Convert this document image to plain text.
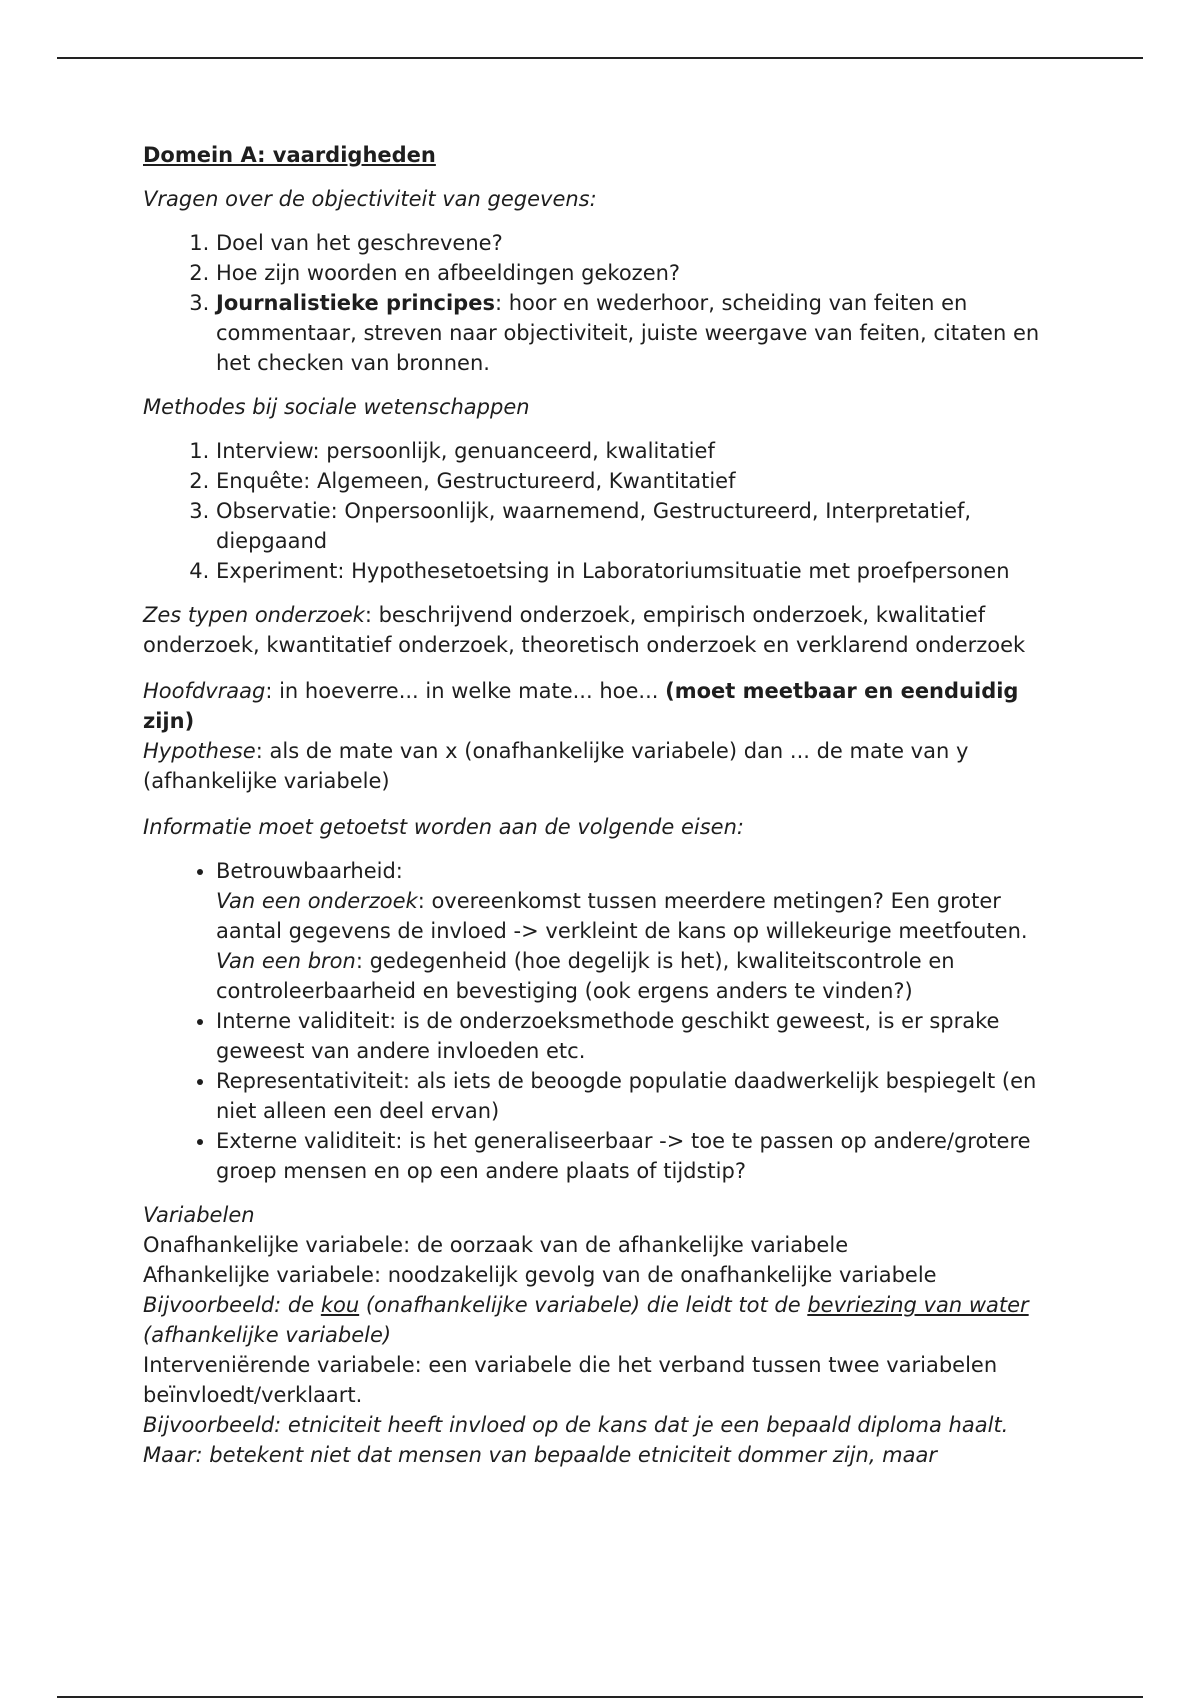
Domein A: vaardigheden

Vragen over de objectiviteit van gegevens:

1. Doel van het geschrevene?
2. Hoe zijn woorden en afbeeldingen gekozen?
3. Journalistieke principes: hoor en wederhoor, scheiding van feiten en commentaar, streven naar objectiviteit, juiste weergave van feiten, citaten en het checken van bronnen.

Methodes bij sociale wetenschappen

1. Interview: persoonlijk, genuanceerd, kwalitatief
2. Enquête: Algemeen, Gestructureerd, Kwantitatief
3. Observatie: Onpersoonlijk, waarnemend, Gestructureerd, Interpretatief, diepgaand
4. Experiment: Hypothesetoetsing in Laboratoriumsituatie met proefpersonen

Zes typen onderzoek: beschrijvend onderzoek, empirisch onderzoek, kwalitatief onderzoek, kwantitatief onderzoek, theoretisch onderzoek en verklarend onderzoek

Hoofdvraag: in hoeverre... in welke mate... hoe... (moet meetbaar en eenduidig zijn)

Hypothese: als de mate van x (onafhankelijke variabele) dan ... de mate van y (afhankelijke variabele)

Informatie moet getoetst worden aan de volgende eisen:

• Betrouwbaarheid:
Van een onderzoek: overeenkomst tussen meerdere metingen? Een groter aantal gegevens de invloed -> verkleint de kans op willekeurige meetfouten.
Van een bron: gedegenheid (hoe degelijk is het), kwaliteitscontrole en controleerbaarheid en bevestiging (ook ergens anders te vinden?)
• Interne validiteit: is de onderzoeksmethode geschikt geweest, is er sprake geweest van andere invloeden etc.
• Representativiteit: als iets de beoogde populatie daadwerkelijk bespiegelt (en niet alleen een deel ervan)
• Externe validiteit: is het generaliseerbaar -> toe te passen op andere/grotere groep mensen en op een andere plaats of tijdstip?

Variabelen

Onafhankelijke variabele: de oorzaak van de afhankelijke variabele

Afhankelijke variabele: noodzakelijk gevolg van de onafhankelijke variabele

Bijvoorbeeld: de kou (onafhankelijke variabele) die leidt tot de bevriezing van water (afhankelijke variabele)

Interveniërende variabele: een variabele die het verband tussen twee variabelen beïnvloedt/verklaart.

Bijvoorbeeld: etniciteit heeft invloed op de kans dat je een bepaald diploma haalt. Maar: betekent niet dat mensen van bepaalde etniciteit dommer zijn, maar
